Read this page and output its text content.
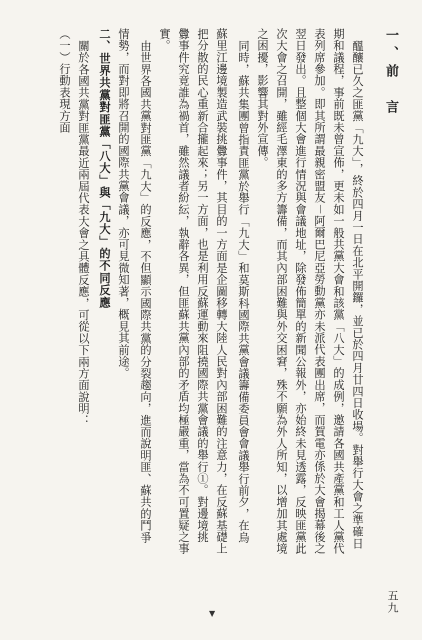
一、前　言
醞釀已久之匪黨「九大」，終於四月一日在北平開鑼，並已於四月廿四日收場。對舉行大會之準確日
期和議程，事前既未曾宣佈，更未如一般共黨大會和該黨「八大」的成例，邀請各國共產黨和工人黨代
表列席參加。即其所謂最親密盟友－阿爾巴尼亞勞動黨亦未派代表團出席，而賀電亦係於大會揭幕後之
翌日發出。且整個大會進行情況與會議地址，除發佈簡單的新聞公報外，亦始終未見透露，反映匪黨此
次大會之召開，雖經毛澤東的多方籌備，而其內部困難與外交困窘，殊不願為外人所知，以增加其處境
之困擾，影響其對外宣傳。
同時，蘇共集團曾指責匪黨於舉行「九大」和莫斯科國際共黨會議籌備委員會會議舉行前夕，在烏
蘇里江邊境製造武裝挑釁事件，其目的一方面是企圖移轉大陸人民對內部困難的注意力，在反蘇基礎上
把分散的民心重新合攏起來；另一方面，也是利用反蘇運動來阻撓國際共黨會議的舉行①。對邊境挑
釁事件究竟誰為禍首，雖然議者紛紜，執辭各異，但匪蘇共黨內部的矛盾均極嚴重，當為不可置疑之事
實。
由世界各國共黨對匪黨「九大」的反應，不但顯示國際共黨的分裂趨向，進而說明匪、蘇共的鬥爭
情勢，而對即將召開的國際共黨會議，亦可見微知著，概見其前途。
二、世界共黨對匪黨「八大」與「九大」的不同反應
關於各國共黨對匪黨最近兩屆代表大會之具體反應，可從以下兩方面說明：
（一）行動表現方面
五九
▼
